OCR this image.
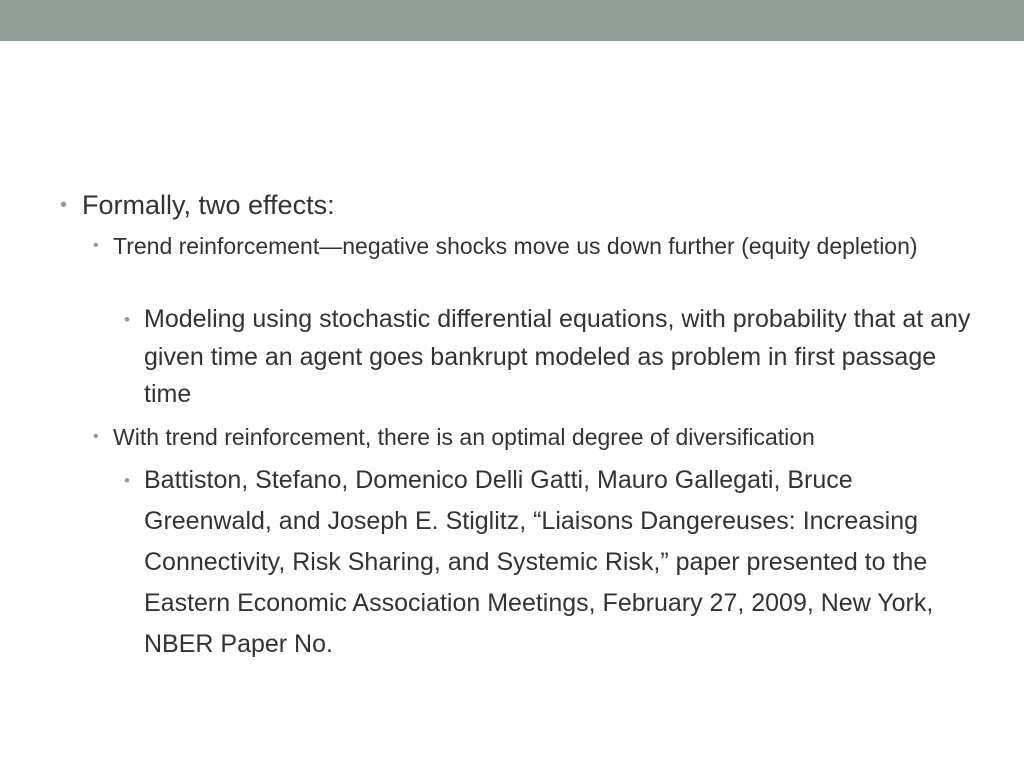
• Formally, two effects:
• Trend reinforcement—negative shocks move us down further (equity depletion)
• Modeling using stochastic differential equations, with probability that at any given time an agent goes bankrupt modeled as problem in first passage time
• With trend reinforcement, there is an optimal degree of diversification
• Battiston, Stefano, Domenico Delli Gatti, Mauro Gallegati, Bruce Greenwald, and Joseph E. Stiglitz, “Liaisons Dangereuses: Increasing Connectivity, Risk Sharing, and Systemic Risk,” paper presented to the Eastern Economic Association Meetings, February 27, 2009, New York, NBER Paper No.
